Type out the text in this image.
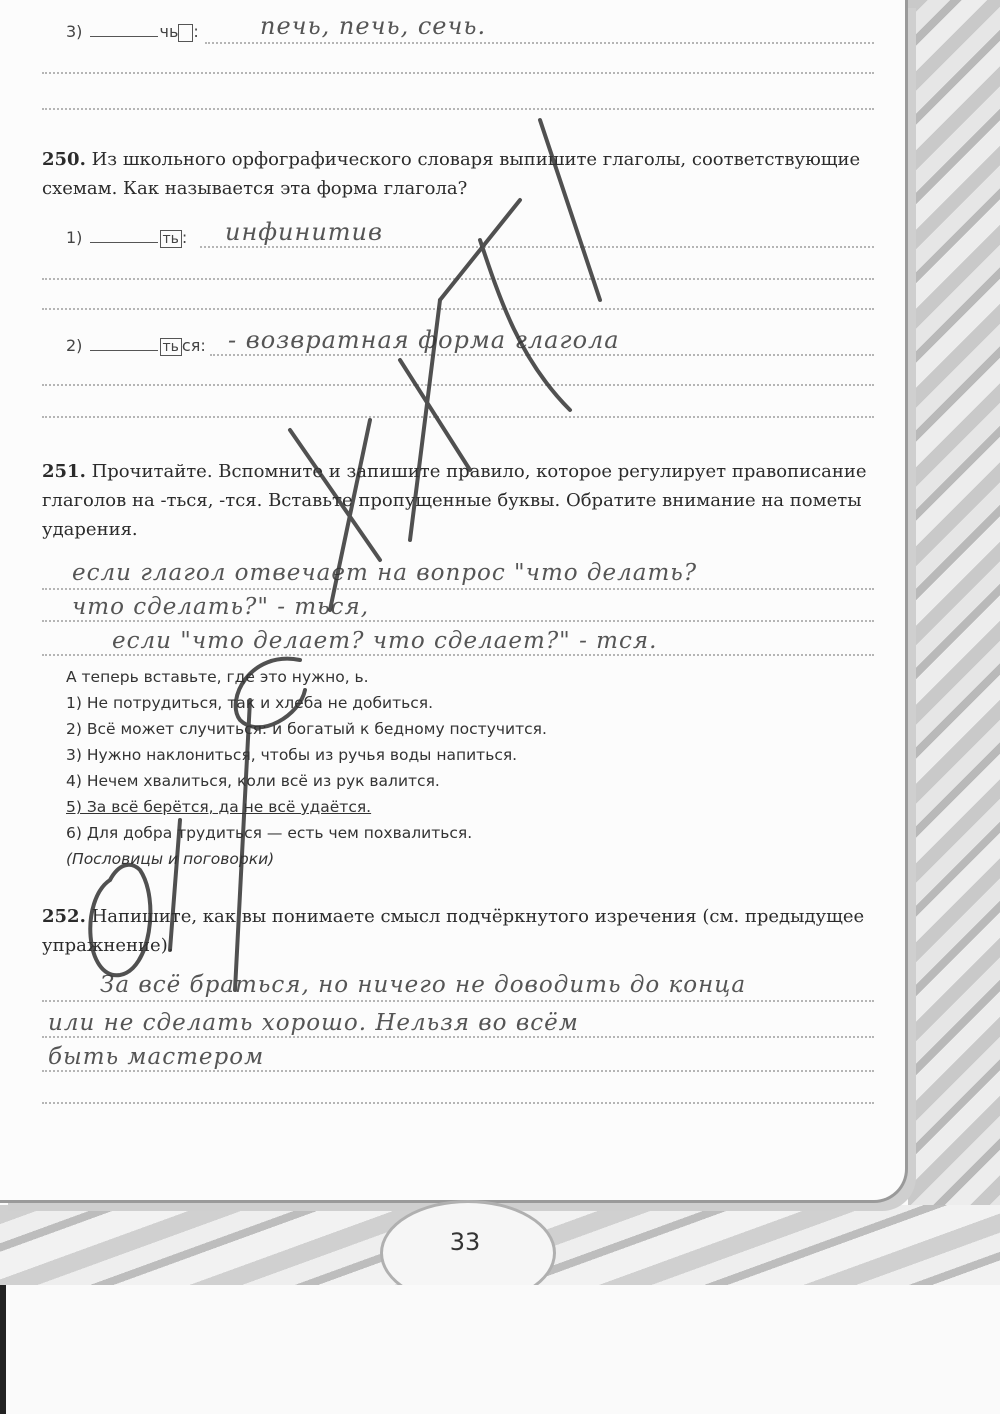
33
3)	чь :	печь, печь, сечь.
250. Из школьного орфографического словаря выпишите глаголы, соответствующие схемам. Как называется эта форма глагола?
1)	ть : инфинитив
2)	ть ся: - возвратная форма глагола
251. Прочитайте. Вспомните и запишите правило, которое регулирует правописание глаголов на -ться, -тся. Вставьте пропущенные буквы. Обратите внимание на пометы ударения.
если глагол отвечает на вопрос "что делать?
что сделать?" - ться,
если "что делает? что сделает?" - тся.
А теперь вставьте, где это нужно, ь.
1) Не потрудиться, так и хлеба не добиться.
2) Всё может случиться: и богатый к бедному постучится.
3) Нужно наклониться, чтобы из ручья воды напиться.
4) Нечем хвалиться, коли всё из рук валится.
5) За всё берётся, да не всё удаётся.
6) Для добра трудиться — есть чем похвалиться.
(Пословицы и поговорки)
252. Напишите, как вы понимаете смысл подчёркнутого изречения (см. предыдущее упражнение).
За всё браться, но ничего не доводить до конца
или не сделать хорошо. Нельзя во всём
быть мастером
